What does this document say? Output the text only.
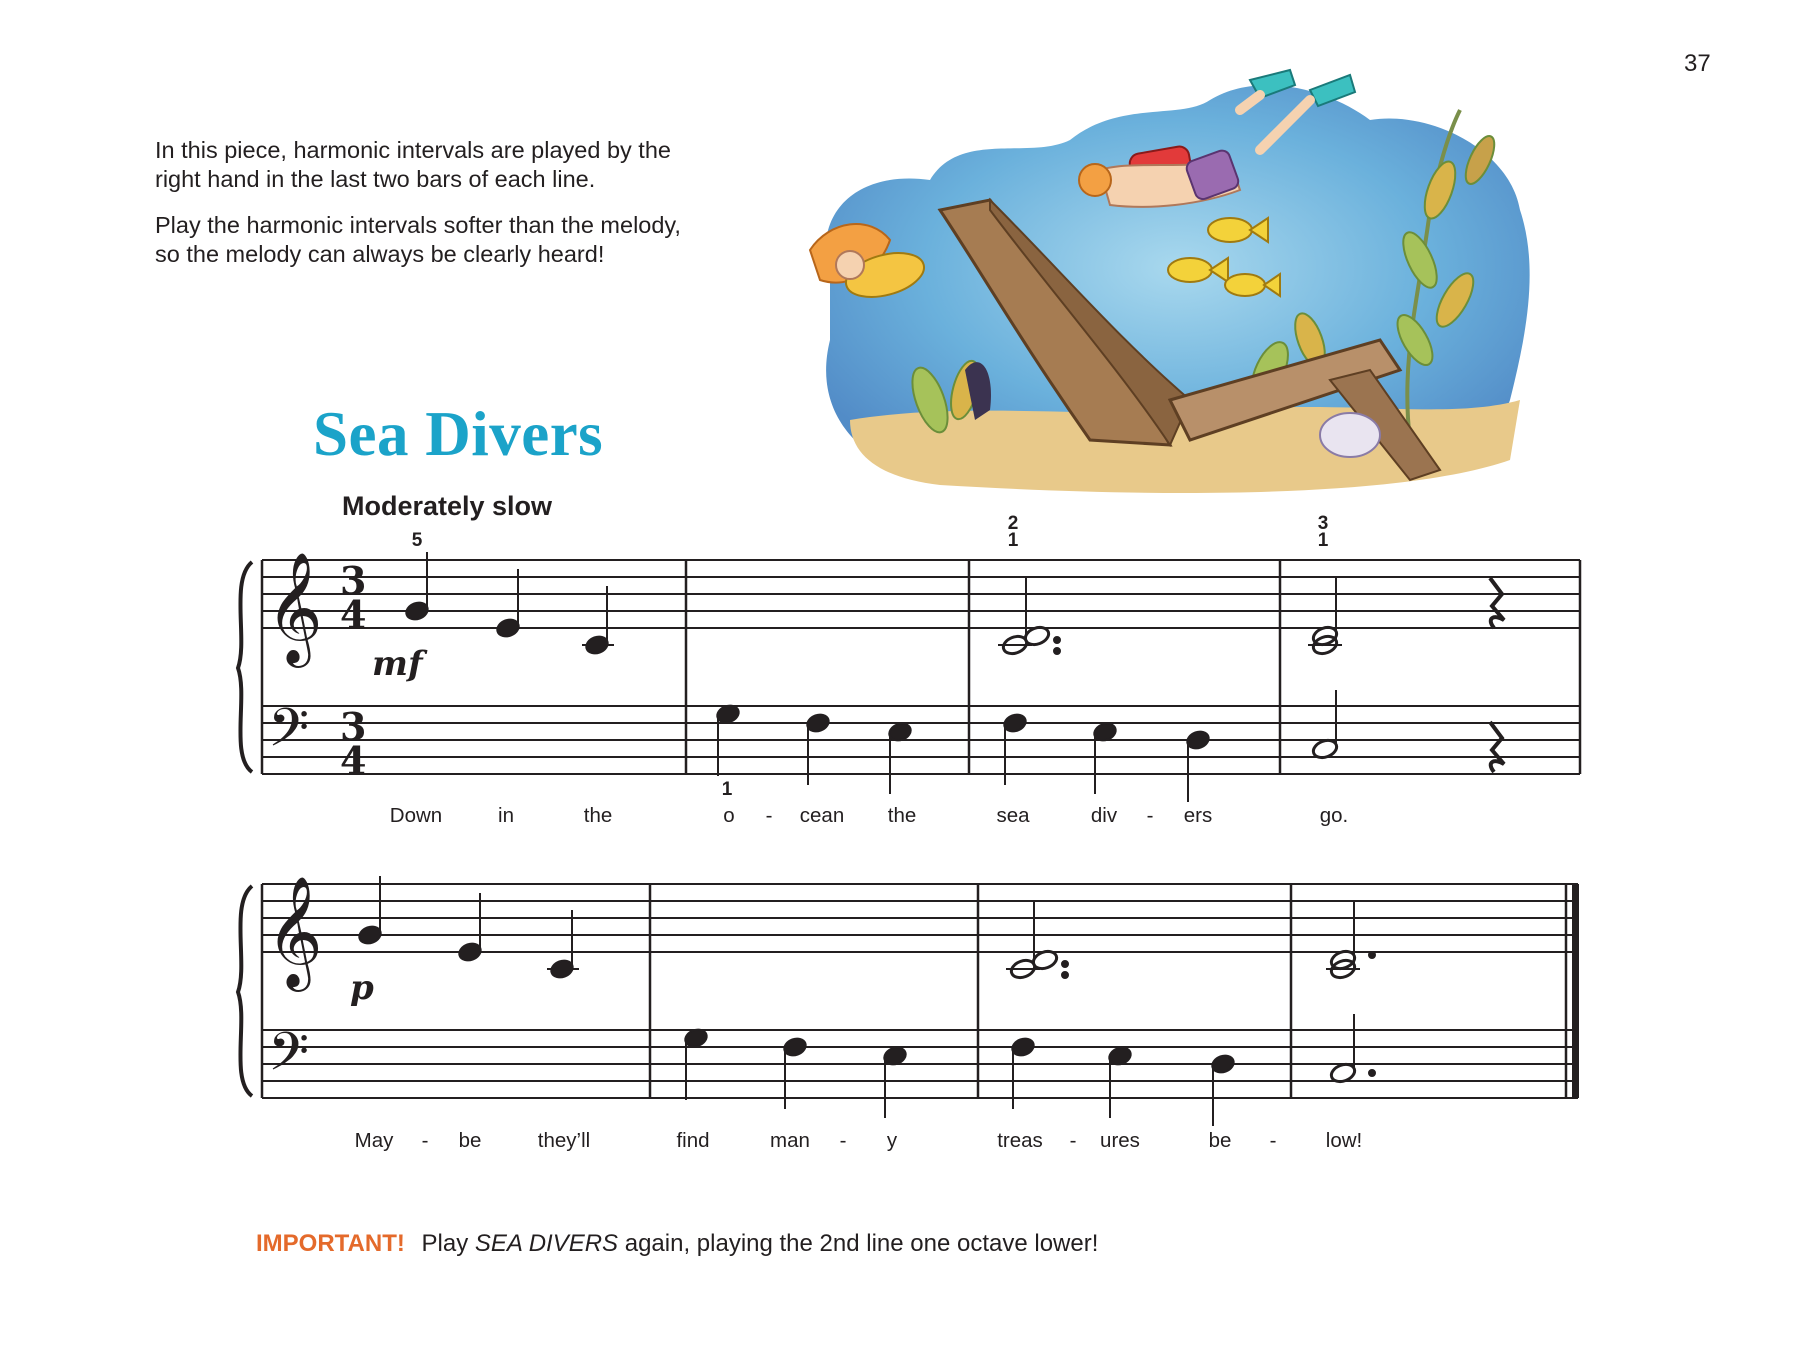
37

In this piece, harmonic intervals are played by the
right hand in the last two bars of each line.

Play the harmonic intervals softer than the melody,
so the melody can always be clearly heard!

Sea Divers
Moderately slow
𝄞
𝄢
𝄞
𝄢
3
4
3
4
5
2
1
3
1
1
mf
p
Down	in	the	o - cean the	sea	div - ers	go.
May - be	they’ll	find	man - y	treas - ures	be - low!
IMPORTANT! Play SEA DIVERS again, playing the 2nd line one octave lower!
